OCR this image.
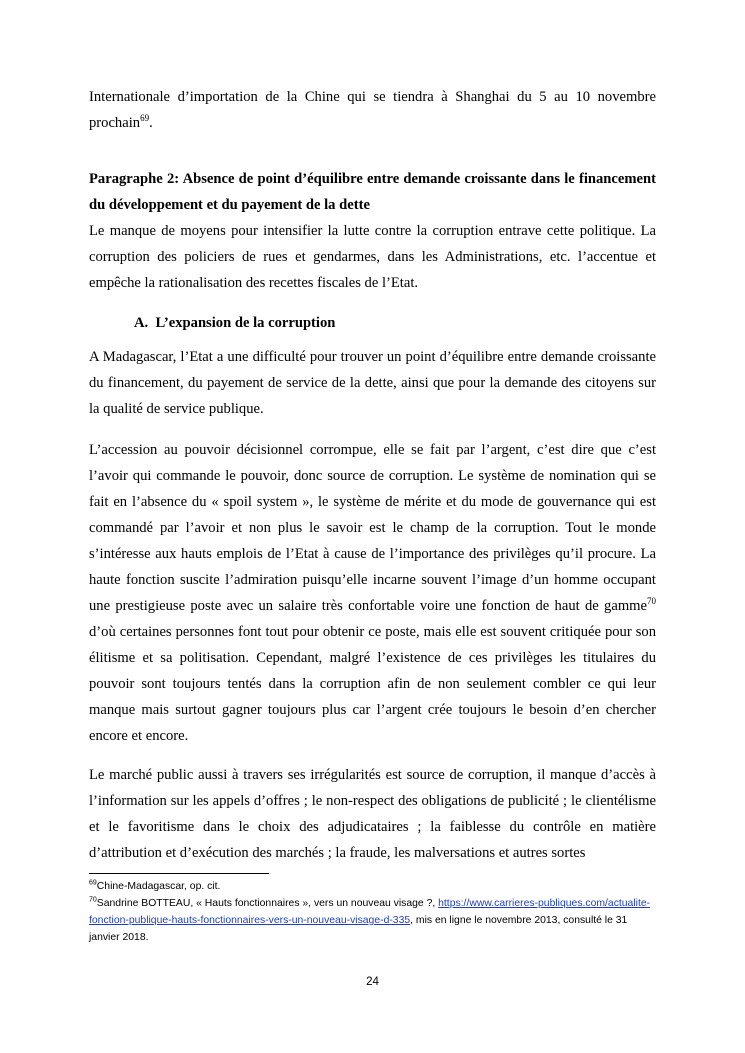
Internationale d’importation de la Chine qui se tiendra à Shanghai du 5 au 10 novembre prochain$^{69}$.

Paragraphe 2: Absence de point d’équilibre entre demande croissante dans le financement du développement et du payement de la dette

Le manque de moyens pour intensifier la lutte contre la corruption entrave cette politique. La corruption des policiers de rues et gendarmes, dans les Administrations, etc. l’accentue et empêche la rationalisation des recettes fiscales de l’Etat.

A. L’expansion de la corruption

A Madagascar, l’Etat a une difficulté pour trouver un point d’équilibre entre demande croissante du financement, du payement de service de la dette, ainsi que pour la demande des citoyens sur la qualité de service publique.

L’accession au pouvoir décisionnel corrompue, elle se fait par l’argent, c’est dire que c’est l’avoir qui commande le pouvoir, donc source de corruption. Le système de nomination qui se fait en l’absence du « spoil system », le système de mérite et du mode de gouvernance qui est commandé par l’avoir et non plus le savoir est le champ de la corruption. Tout le monde s’intéresse aux hauts emplois de l’Etat à cause de l’importance des privilèges qu’il procure. La haute fonction suscite l’admiration puisqu’elle incarne souvent l’image d’un homme occupant une prestigieuse poste avec un salaire très confortable voire une fonction de haut de gamme$^{70}$ d’où certaines personnes font tout pour obtenir ce poste, mais elle est souvent critiquée pour son élitisme et sa politisation. Cependant, malgré l’existence de ces privilèges les titulaires du pouvoir sont toujours tentés dans la corruption afin de non seulement combler ce qui leur manque mais surtout gagner toujours plus car l’argent crée toujours le besoin d’en chercher encore et encore.

Le marché public aussi à travers ses irrégularités est source de corruption, il manque d’accès à l’information sur les appels d’offres ; le non-respect des obligations de publicité ; le clientélisme et le favoritisme dans le choix des adjudicataires ; la faiblesse du contrôle en matière d’attribution et d’exécution des marchés ; la fraude, les malversations et autres sortes

$^{69}$Chine-Madagascar, op. cit.

$^{70}$Sandrine BOTTEAU, « Hauts fonctionnaires », vers un nouveau visage ?, https://www.carrieres-publiques.com/actualite-fonction-publique-hauts-fonctionnaires-vers-un-nouveau-visage-d-335, mis en ligne le novembre 2013, consulté le 31 janvier 2018.

24
